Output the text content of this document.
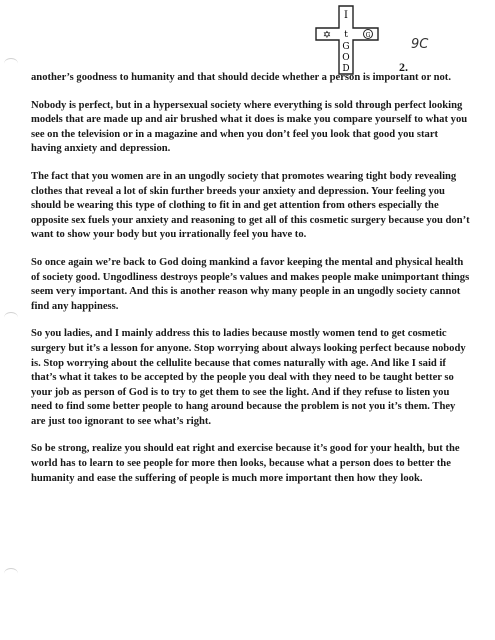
I
✡	G
t
G
O
D
9C
2.

another’s goodness to humanity and that should decide whether a person is important or not.

Nobody is perfect, but in a hypersexual society where everything is sold through perfect looking models that are made up and air brushed what it does is make you compare yourself to what you see on the television or in a magazine and when you don’t feel you look that good you start having anxiety and depression.

The fact that you women are in an ungodly society that promotes wearing tight body revealing clothes that reveal a lot of skin further breeds your anxiety and depression. Your feeling you should be wearing this type of clothing to fit in and get attention from others especially the opposite sex fuels your anxiety and reasoning to get all of this cosmetic surgery because you don’t want to show your body but you irrationally feel you have to.

So once again we’re back to God doing mankind a favor keeping the mental and physical health of society good. Ungodliness destroys people’s values and makes people make unimportant things seem very important. And this is another reason why many people in an ungodly society cannot find any happiness.

So you ladies, and I mainly address this to ladies because mostly women tend to get cosmetic surgery but it’s a lesson for anyone. Stop worrying about always looking perfect because nobody is. Stop worrying about the cellulite because that comes naturally with age. And like I said if that’s what it takes to be accepted by the people you deal with they need to be taught better so your job as person of God is to try to get them to see the light. And if they refuse to listen you need to find some better people to hang around because the problem is not you it’s them. They are just too ignorant to see what’s right.

So be strong, realize you should eat right and exercise because it’s good for your health, but the world has to learn to see people for more then looks, because what a person does to better the humanity and ease the suffering of people is much more important then how they look.
